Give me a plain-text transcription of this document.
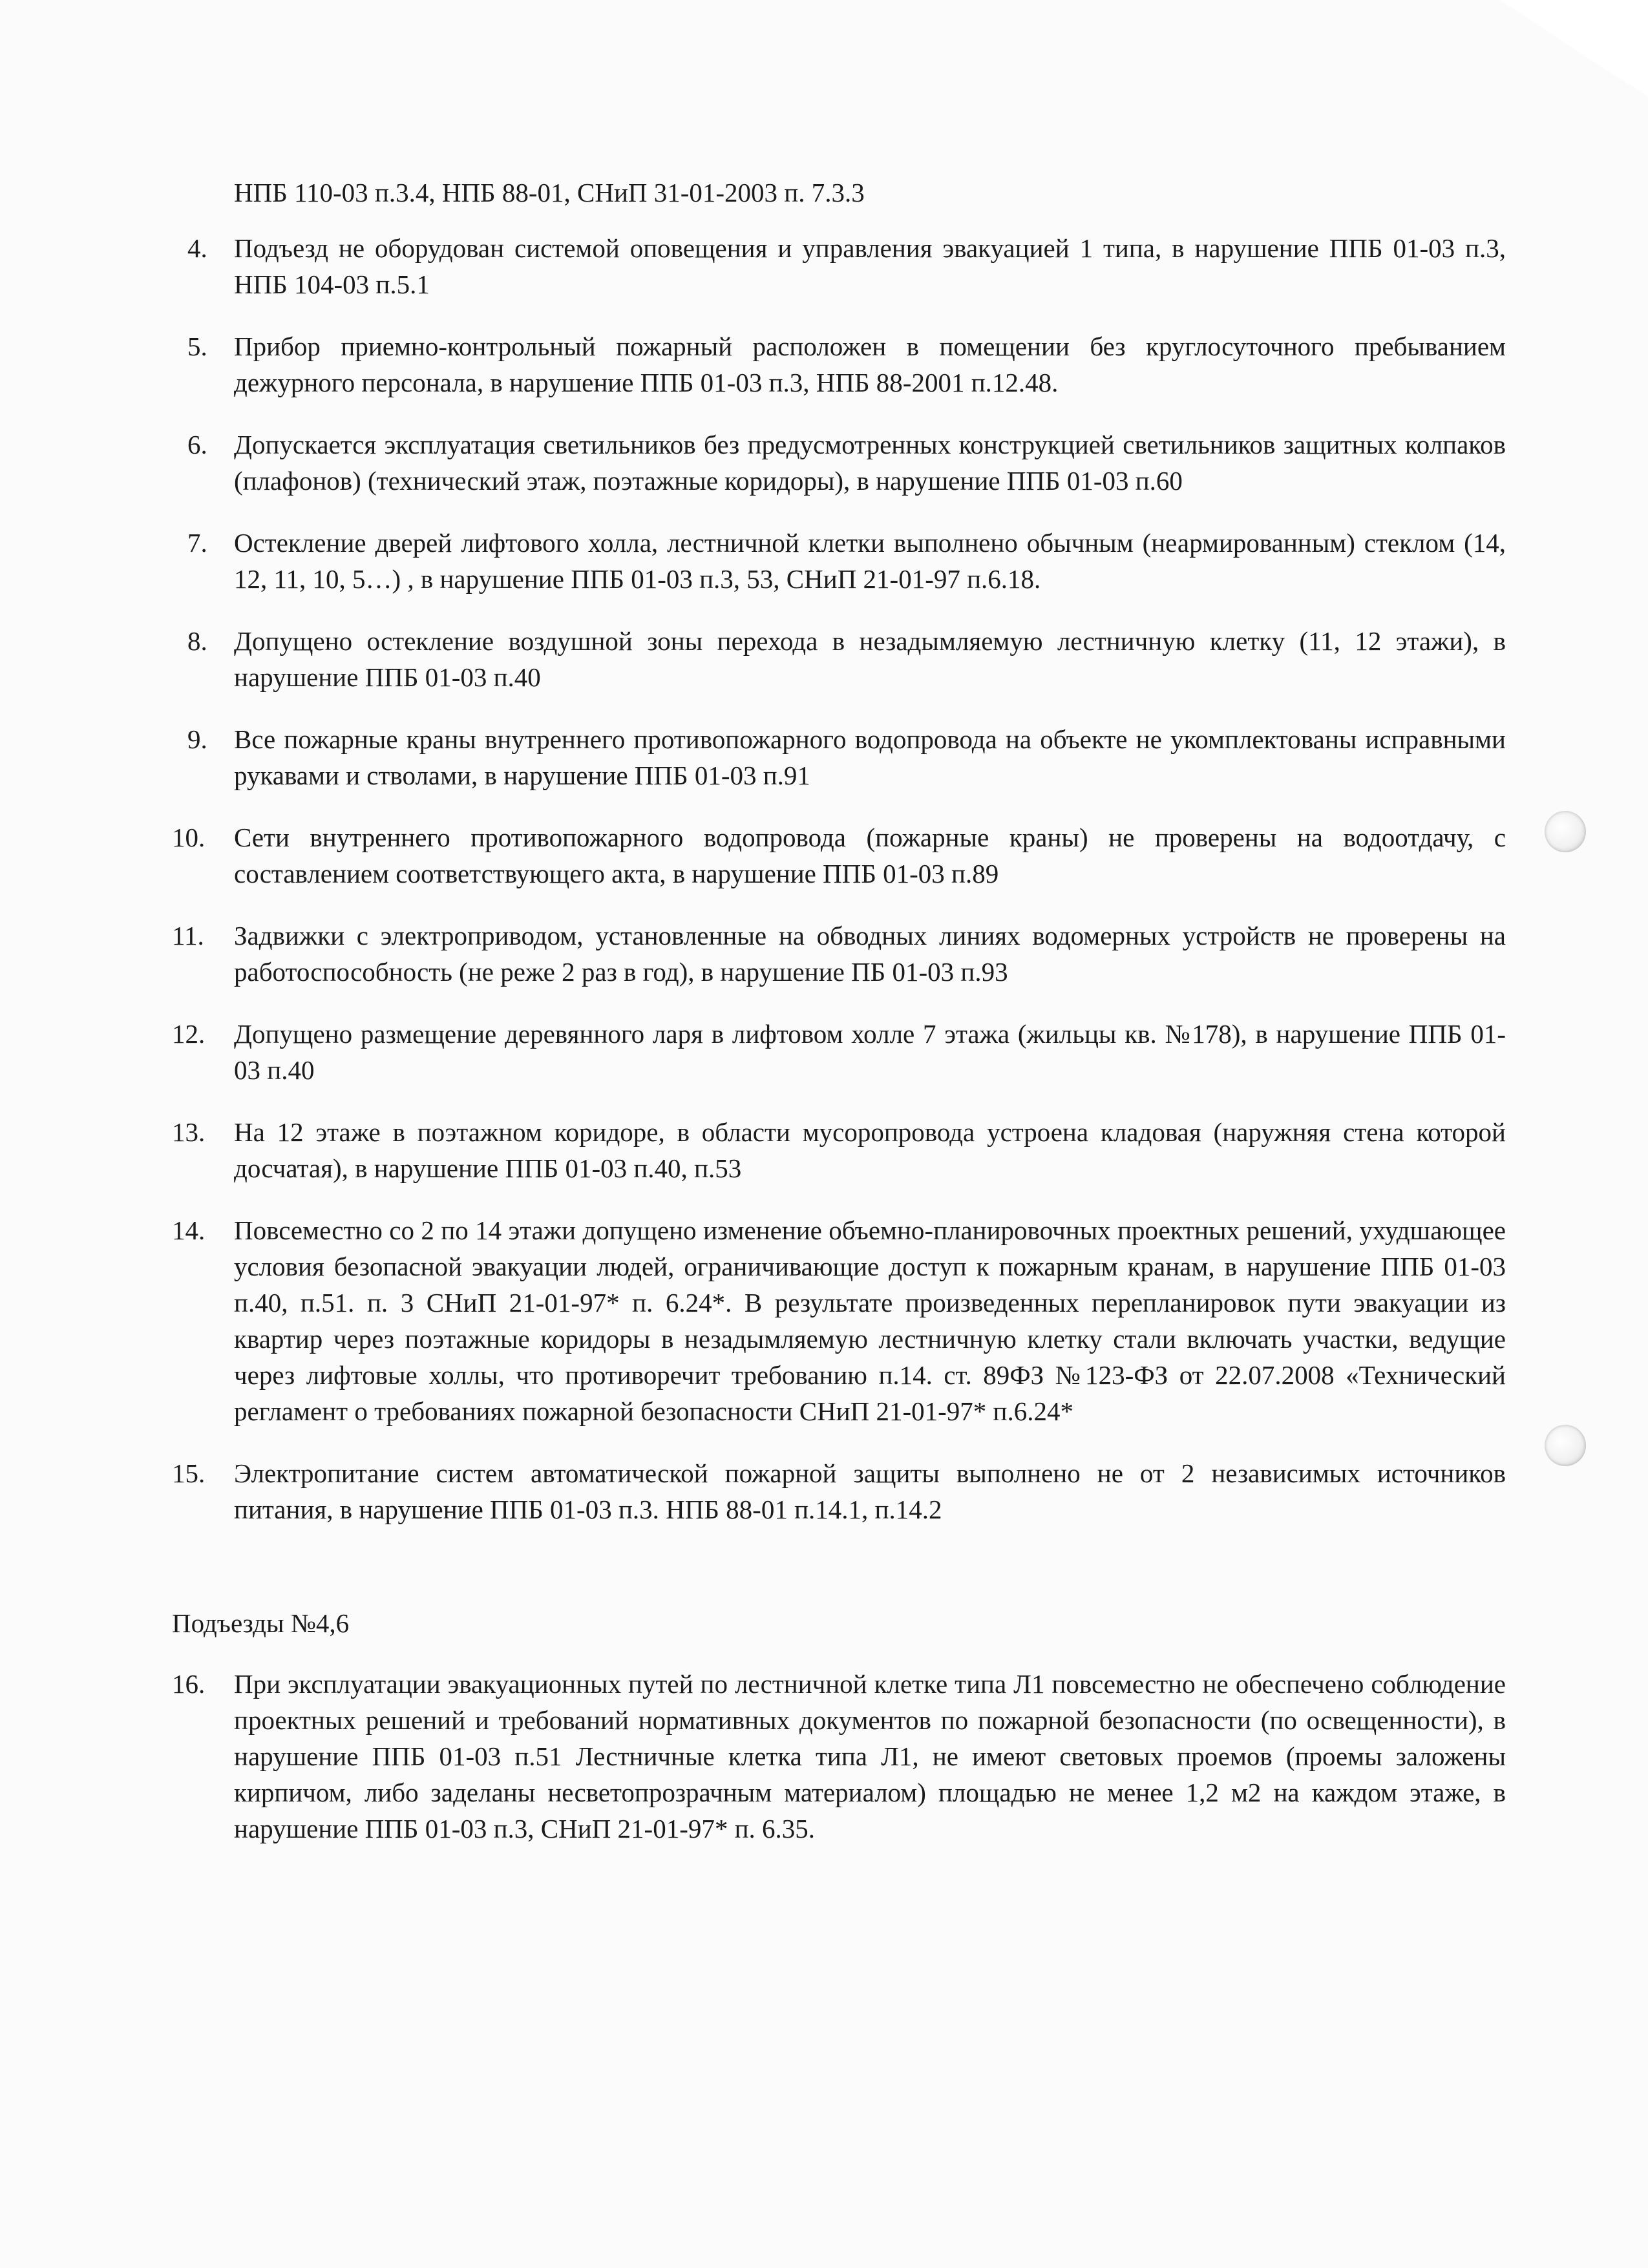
НПБ 110-03 п.3.4, НПБ 88-01, СНиП 31-01-2003 п. 7.3.3
4.	Подъезд не оборудован системой оповещения и управления эвакуацией 1 типа, в нарушение ППБ 01-03 п.3, НПБ 104-03 п.5.1
5.	Прибор приемно-контрольный пожарный расположен в помещении без круглосуточного пребыванием дежурного персонала, в нарушение ППБ 01-03 п.3, НПБ 88-2001 п.12.48.
6.	Допускается эксплуатация светильников без предусмотренных конструкцией светильников защитных колпаков (плафонов) (технический этаж, поэтажные коридоры), в нарушение ППБ 01-03 п.60
7.	Остекление дверей лифтового холла, лестничной клетки выполнено обычным (неармированным) стеклом (14, 12, 11, 10, 5…) , в нарушение ППБ 01-03 п.3, 53, СНиП 21-01-97 п.6.18.
8.	Допущено остекление воздушной зоны перехода в незадымляемую лестничную клетку (11, 12 этажи), в нарушение ППБ 01-03 п.40
9.	Все пожарные краны внутреннего противопожарного водопровода на объекте не укомплектованы исправными рукавами и стволами, в нарушение ППБ 01-03 п.91
10.	Сети внутреннего противопожарного водопровода (пожарные краны) не проверены на водоотдачу, с составлением соответствующего акта, в нарушение ППБ 01-03 п.89
11.	Задвижки с электроприводом, установленные на обводных линиях водомерных устройств не проверены на работоспособность (не реже 2 раз в год), в нарушение ПБ 01-03 п.93
12.	Допущено размещение деревянного ларя в лифтовом холле 7 этажа (жильцы кв. №178), в нарушение ППБ 01-03 п.40
13.	На 12 этаже в поэтажном коридоре, в области мусоропровода устроена кладовая (наружняя стена которой досчатая), в нарушение ППБ 01-03 п.40, п.53
14.	Повсеместно со 2 по 14 этажи допущено изменение объемно-планировочных проектных решений, ухудшающее условия безопасной эвакуации людей, ограничивающие доступ к пожарным кранам, в нарушение ППБ 01-03 п.40, п.51. п. 3 СНиП 21-01-97* п. 6.24*. В результате произведенных перепланировок пути эвакуации из квартир через поэтажные коридоры в незадымляемую лестничную клетку стали включать участки, ведущие через лифтовые холлы, что противоречит требованию п.14. ст. 89ФЗ №123-ФЗ от 22.07.2008 «Технический регламент о требованиях пожарной безопасности СНиП 21-01-97* п.6.24*
15.	Электропитание систем автоматической пожарной защиты выполнено не от 2 независимых источников питания, в нарушение ППБ 01-03 п.3. НПБ 88-01 п.14.1, п.14.2
Подъезды №4,6
16.	При эксплуатации эвакуационных путей по лестничной клетке типа Л1 повсеместно не обеспечено соблюдение проектных решений и требований нормативных документов по пожарной безопасности (по освещенности), в нарушение ППБ 01-03 п.51 Лестничные клетка типа Л1, не имеют световых проемов (проемы заложены кирпичом, либо заделаны несветопрозрачным материалом) площадью не менее 1,2 м2 на каждом этаже, в нарушение ППБ 01-03 п.3, СНиП 21-01-97* п. 6.35.
